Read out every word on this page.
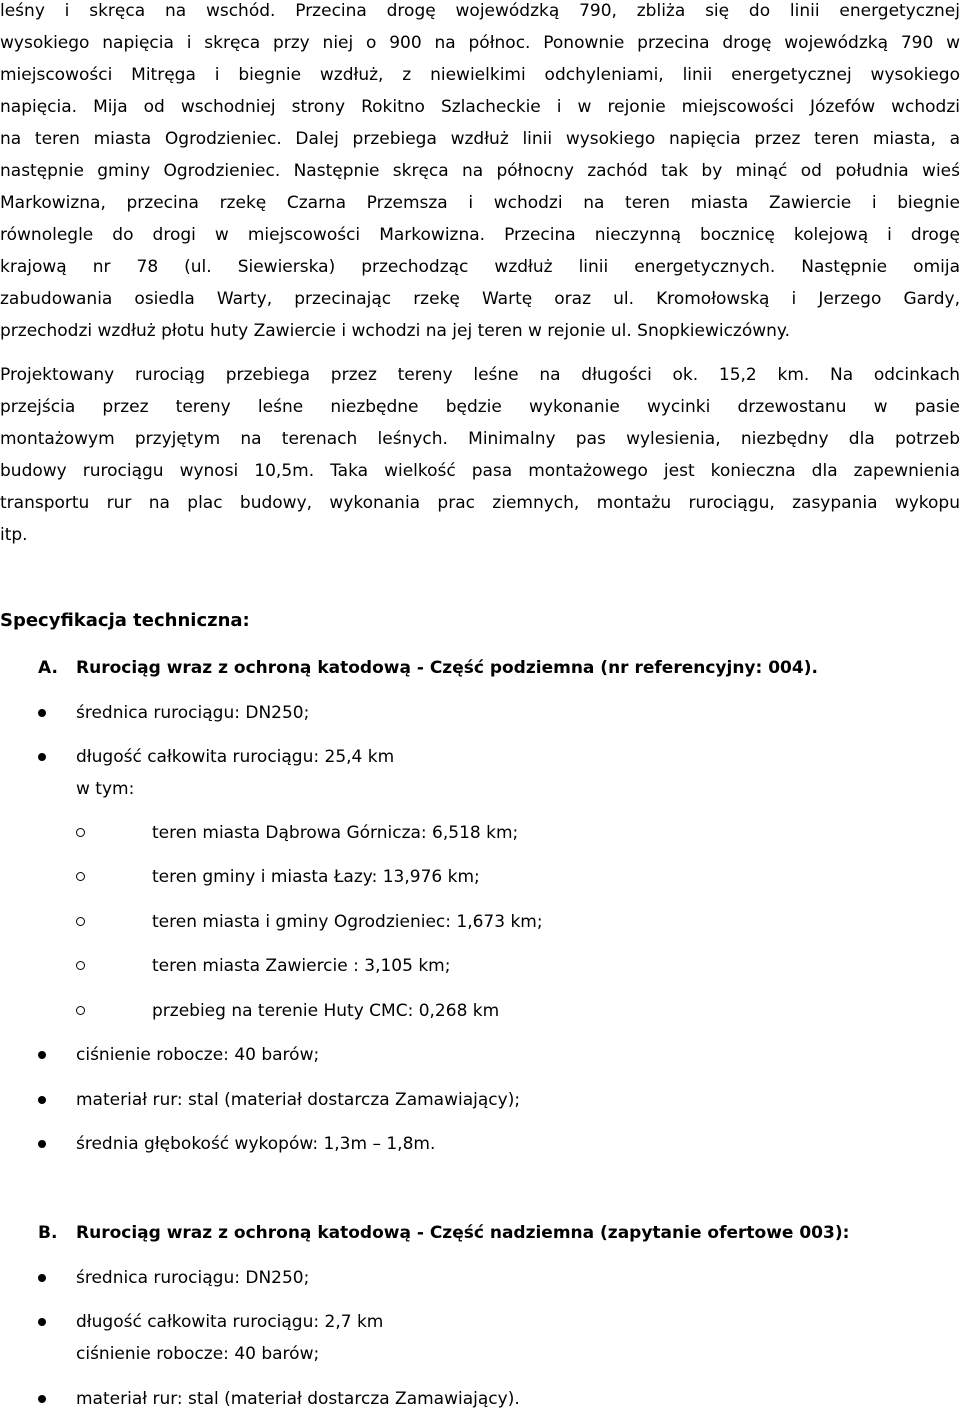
leśny i skręca na wschód. Przecina drogę wojewódzką 790, zbliża się do linii energetycznej
wysokiego napięcia i skręca przy niej o 900 na północ. Ponownie przecina drogę wojewódzką 790 w
miejscowości Mitręga i biegnie wzdłuż, z niewielkimi odchyleniami, linii energetycznej wysokiego
napięcia. Mija od wschodniej strony Rokitno Szlacheckie i w rejonie miejscowości Józefów wchodzi
na teren miasta Ogrodzieniec. Dalej przebiega wzdłuż linii wysokiego napięcia przez teren miasta, a
następnie gminy Ogrodzieniec. Następnie skręca na północny zachód tak by minąć od południa wieś
Markowizna, przecina rzekę Czarna Przemsza i wchodzi na teren miasta Zawiercie i biegnie
równolegle do drogi w miejscowości Markowizna. Przecina nieczynną bocznicę kolejową i drogę
krajową nr 78 (ul. Siewierska) przechodząc wzdłuż linii energetycznych. Następnie omija
zabudowania osiedla Warty, przecinając rzekę Wartę oraz ul. Kromołowską i Jerzego Gardy,
przechodzi wzdłuż płotu huty Zawiercie i wchodzi na jej teren w rejonie ul. Snopkiewiczówny.
Projektowany rurociąg przebiega przez tereny leśne na długości ok. 15,2 km. Na odcinkach
przejścia przez tereny leśne niezbędne będzie wykonanie wycinki drzewostanu w pasie
montażowym przyjętym na terenach leśnych. Minimalny pas wylesienia, niezbędny dla potrzeb
budowy rurociągu wynosi 10,5m. Taka wielkość pasa montażowego jest konieczna dla zapewnienia
transportu rur na plac budowy, wykonania prac ziemnych, montażu rurociągu, zasypania wykopu
itp.
Specyfikacja techniczna:
A. Rurociąg wraz z ochroną katodową - Część podziemna (nr referencyjny: 004).
średnica rurociągu: DN250;
długość całkowita rurociągu: 25,4 km
w tym:
teren miasta Dąbrowa Górnicza: 6,518 km;
teren gminy i miasta Łazy: 13,976 km;
teren miasta i gminy Ogrodzieniec: 1,673 km;
teren miasta Zawiercie : 3,105 km;
przebieg na terenie Huty CMC: 0,268 km
ciśnienie robocze: 40 barów;
materiał rur: stal (materiał dostarcza Zamawiający);
średnia głębokość wykopów: 1,3m – 1,8m.
B. Rurociąg wraz z ochroną katodową - Część nadziemna (zapytanie ofertowe 003):
średnica rurociągu: DN250;
długość całkowita rurociągu: 2,7 km
ciśnienie robocze: 40 barów;
materiał rur: stal (materiał dostarcza Zamawiający).
